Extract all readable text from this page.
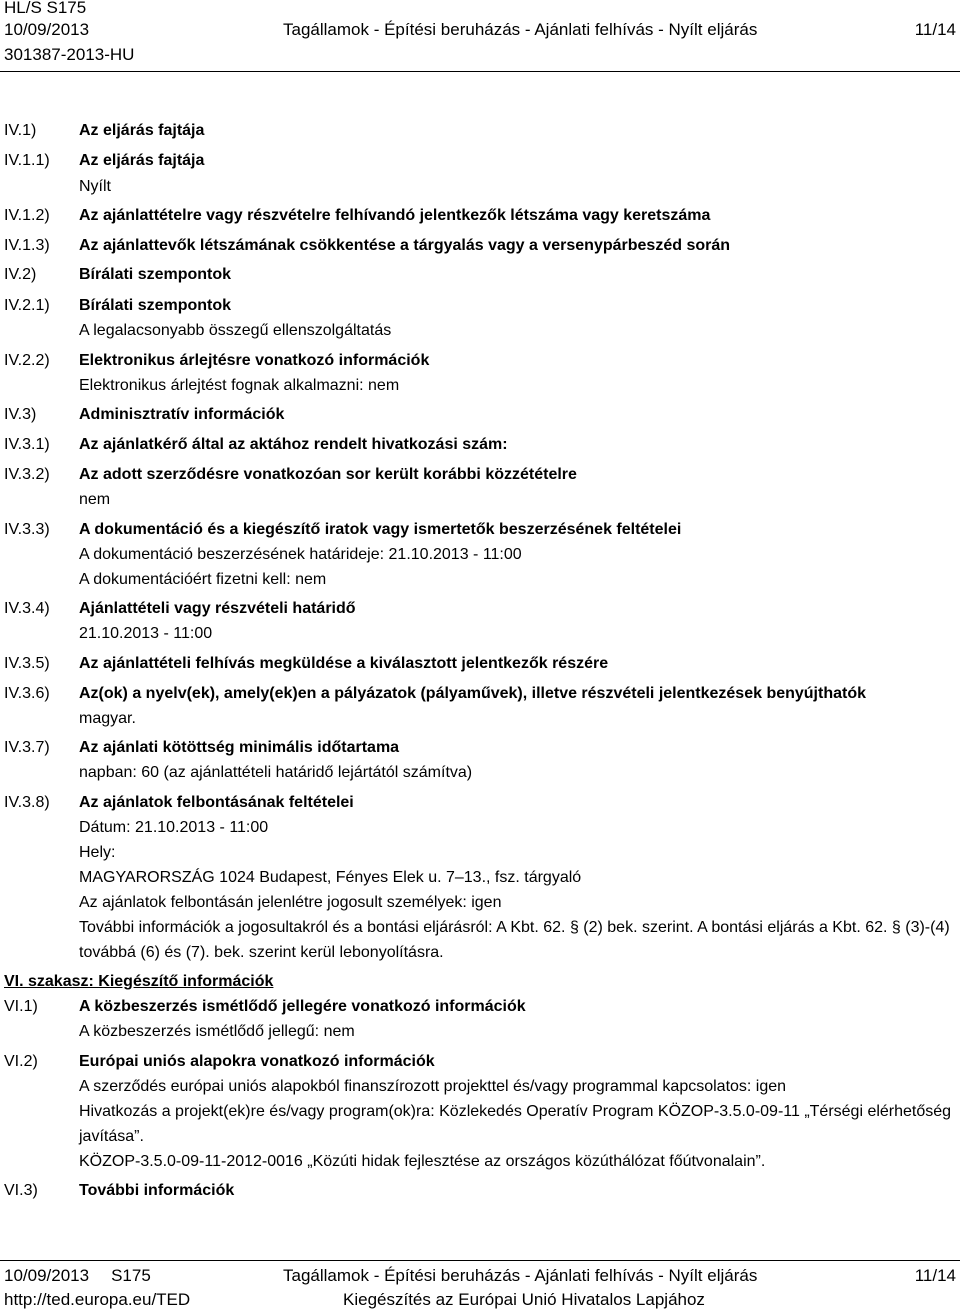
HL/S S175
10/09/2013
301387-2013-HU
Tagállamok - Építési beruházás - Ajánlati felhívás - Nyílt eljárás	11/14
IV.1)	Az eljárás fajtája
IV.1.1) Az eljárás fajtája
Nyílt
IV.1.2) Az ajánlattételre vagy részvételre felhívandó jelentkezők létszáma vagy keretszáma
IV.1.3) Az ajánlattevők létszámának csökkentése a tárgyalás vagy a versenypárbeszéd során
IV.2)	Bírálati szempontok
IV.2.1) Bírálati szempontok
A legalacsonyabb összegű ellenszolgáltatás
IV.2.2) Elektronikus árlejtésre vonatkozó információk
Elektronikus árlejtést fognak alkalmazni: nem
IV.3)	Adminisztratív információk
IV.3.1) Az ajánlatkérő által az aktához rendelt hivatkozási szám:
IV.3.2) Az adott szerződésre vonatkozóan sor került korábbi közzétételre
nem
IV.3.3) A dokumentáció és a kiegészítő iratok vagy ismertetők beszerzésének feltételei
A dokumentáció beszerzésének határideje: 21.10.2013 - 11:00
A dokumentációért fizetni kell: nem
IV.3.4) Ajánlattételi vagy részvételi határidő
21.10.2013 - 11:00
IV.3.5) Az ajánlattételi felhívás megküldése a kiválasztott jelentkezők részére
IV.3.6) Az(ok) a nyelv(ek), amely(ek)en a pályázatok (pályaművek), illetve részvételi jelentkezések benyújthatók
magyar.
IV.3.7) Az ajánlati kötöttség minimális időtartama
napban: 60 (az ajánlattételi határidő lejártától számítva)
IV.3.8) Az ajánlatok felbontásának feltételei
Dátum: 21.10.2013 - 11:00
Hely:
MAGYARORSZÁG 1024 Budapest, Fényes Elek u. 7–13., fsz. tárgyaló
Az ajánlatok felbontásán jelenlétre jogosult személyek: igen
További információk a jogosultakról és a bontási eljárásról: A Kbt. 62. § (2) bek. szerint. A bontási eljárás a Kbt. 62. § (3)-(4) továbbá (6) és (7). bek. szerint kerül lebonyolításra.
VI. szakasz: Kiegészítő információk
VI.1)	A közbeszerzés ismétlődő jellegére vonatkozó információk
A közbeszerzés ismétlődő jellegű: nem
VI.2)	Európai uniós alapokra vonatkozó információk
A szerződés európai uniós alapokból finanszírozott projekttel és/vagy programmal kapcsolatos: igen
Hivatkozás a projekt(ek)re és/vagy program(ok)ra: Közlekedés Operatív Program KÖZOP-3.5.0-09-11 „Térségi elérhetőség javítása”.
KÖZOP-3.5.0-09-11-2012-0016 „Közúti hidak fejlesztése az országos közúthálózat főútvonalain”.
VI.3)	További információk
10/09/2013 S175
http://ted.europa.eu/TED
Tagállamok - Építési beruházás - Ajánlati felhívás - Nyílt eljárás
Kiegészítés az Európai Unió Hivatalos Lapjához
11/14
